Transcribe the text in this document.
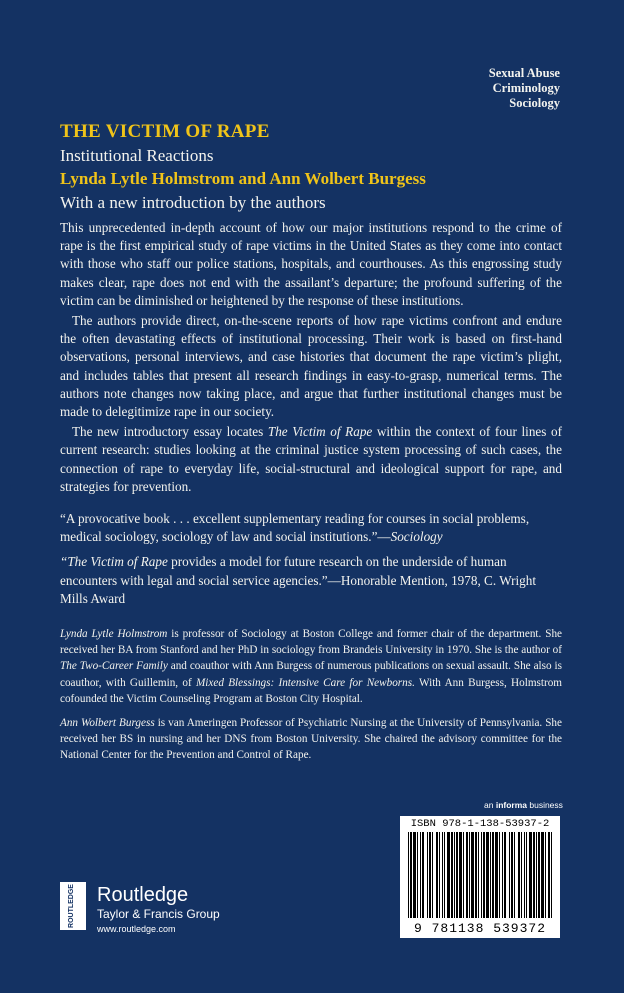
Sexual Abuse
Criminology
Sociology
THE VICTIM OF RAPE
Institutional Reactions
Lynda Lytle Holmstrom and Ann Wolbert Burgess
With a new introduction by the authors

This unprecedented in-depth account of how our major institutions respond to the crime of rape is the first empirical study of rape victims in the United States as they come into contact with those who staff our police stations, hospitals, and courthouses. As this engrossing study makes clear, rape does not end with the assailant’s departure; the profound suffering of the victim can be diminished or heightened by the response of these institutions.

The authors provide direct, on-the-scene reports of how rape victims confront and endure the often devastating effects of institutional processing. Their work is based on first-hand observations, personal interviews, and case histories that document the rape victim’s plight, and includes tables that present all research findings in easy-to-grasp, numerical terms. The authors note changes now taking place, and argue that further institutional changes must be made to delegitimize rape in our society.

The new introductory essay locates The Victim of Rape within the context of four lines of current research: studies looking at the criminal justice system processing of such cases, the connection of rape to everyday life, social-structural and ideological support for rape, and strategies for prevention.

“A provocative book . . . excellent supplementary reading for courses in social problems, medical sociology, sociology of law and social institutions.”—Sociology

“The Victim of Rape provides a model for future research on the underside of human encounters with legal and social service agencies.”—Honorable Mention, 1978, C. Wright Mills Award

Lynda Lytle Holmstrom is professor of Sociology at Boston College and former chair of the department. She received her BA from Stanford and her PhD in sociology from Brandeis University in 1970. She is the author of The Two-Career Family and coauthor with Ann Burgess of numerous publications on sexual assault. She also is coauthor, with Guillemin, of Mixed Blessings: Intensive Care for Newborns. With Ann Burgess, Holmstrom cofounded the Victim Counseling Program at Boston City Hospital.

Ann Wolbert Burgess is van Ameringen Professor of Psychiatric Nursing at the University of Pennsylvania. She received her BS in nursing and her DNS from Boston University. She chaired the advisory committee for the National Center for the Prevention and Control of Rape.

an informa business
ISBN 978-1-138-53937-2
9 781138 539372
ROUTLEDGE Routledge
Taylor & Francis Group
www.routledge.com
